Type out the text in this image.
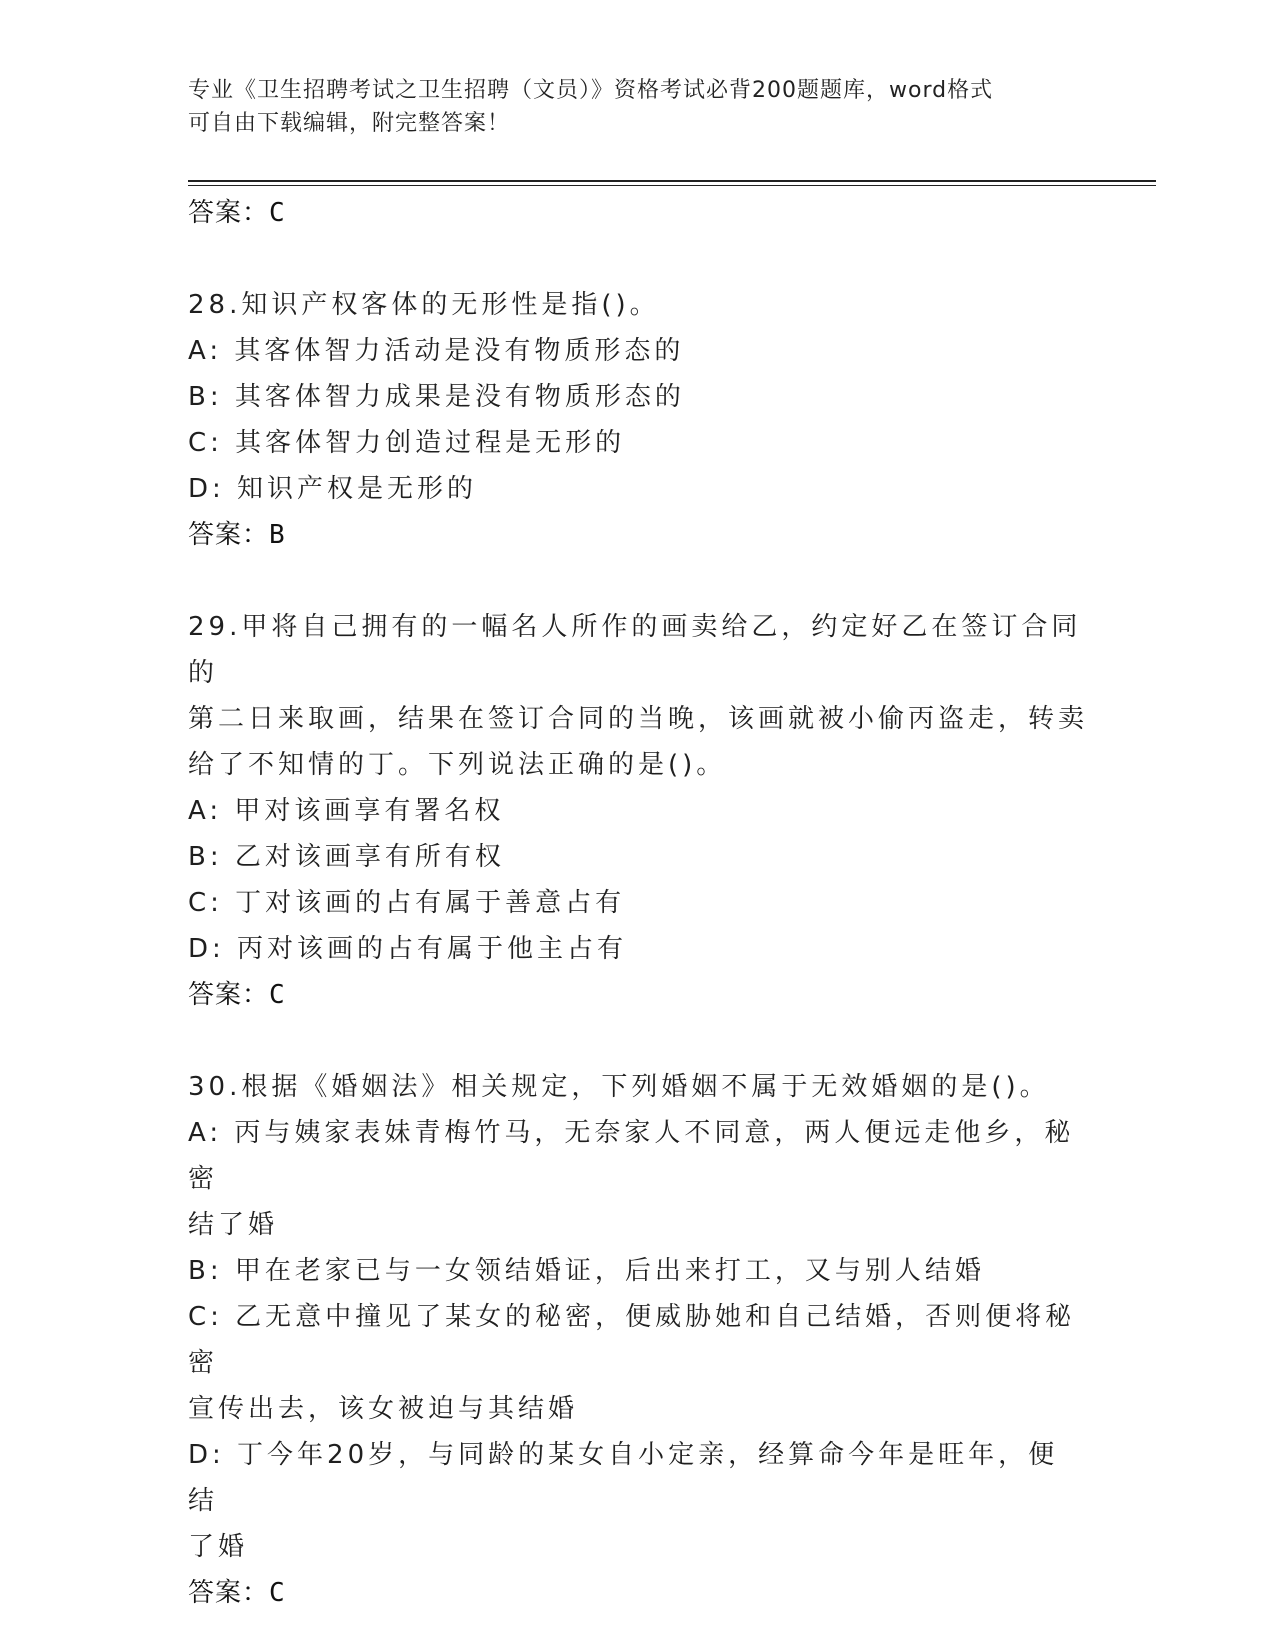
专业《卫生招聘考试之卫生招聘（文员）》资格考试必背200题题库，word格式
可自由下载编辑，附完整答案！
答案：C
28.知识产权客体的无形性是指()。
A: 其客体智力活动是没有物质形态的
B: 其客体智力成果是没有物质形态的
C: 其客体智力创造过程是无形的
D: 知识产权是无形的
答案：B
29.甲将自己拥有的一幅名人所作的画卖给乙，约定好乙在签订合同的
第二日来取画，结果在签订合同的当晚，该画就被小偷丙盗走，转卖
给了不知情的丁。下列说法正确的是()。
A: 甲对该画享有署名权
B: 乙对该画享有所有权
C: 丁对该画的占有属于善意占有
D: 丙对该画的占有属于他主占有
答案：C
30.根据《婚姻法》相关规定，下列婚姻不属于无效婚姻的是()。
A: 丙与姨家表妹青梅竹马，无奈家人不同意，两人便远走他乡，秘密
结了婚
B: 甲在老家已与一女领结婚证，后出来打工，又与别人结婚
C: 乙无意中撞见了某女的秘密，便威胁她和自己结婚，否则便将秘密
宣传出去，该女被迫与其结婚
D: 丁今年20岁，与同龄的某女自小定亲，经算命今年是旺年，便结
了婚
答案：C
